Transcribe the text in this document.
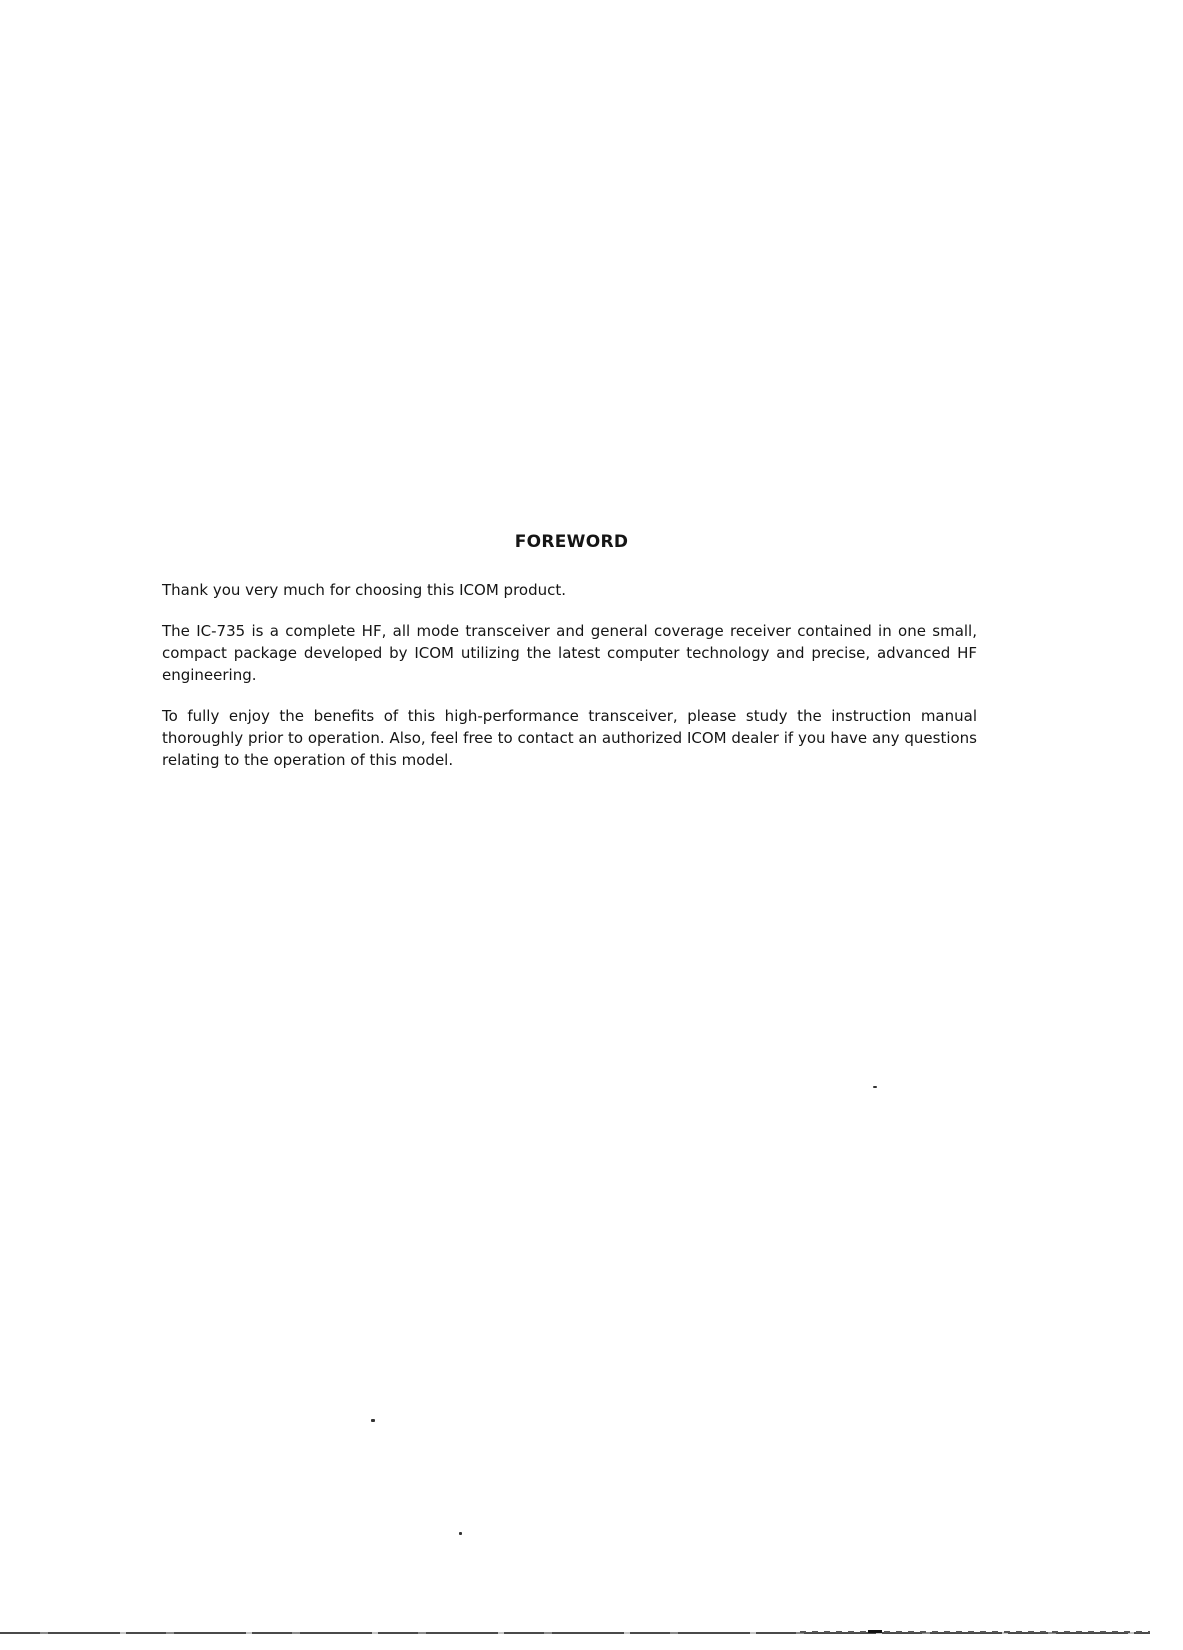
FOREWORD

Thank you very much for choosing this ICOM product.

The IC-735 is a complete HF, all mode transceiver and general coverage receiver contained in one small, compact package developed by ICOM utilizing the latest computer technology and precise, advanced HF engineering.

To fully enjoy the benefits of this high-performance transceiver, please study the instruction manual thoroughly prior to operation. Also, feel free to contact an authorized ICOM dealer if you have any questions relating to the operation of this model.
